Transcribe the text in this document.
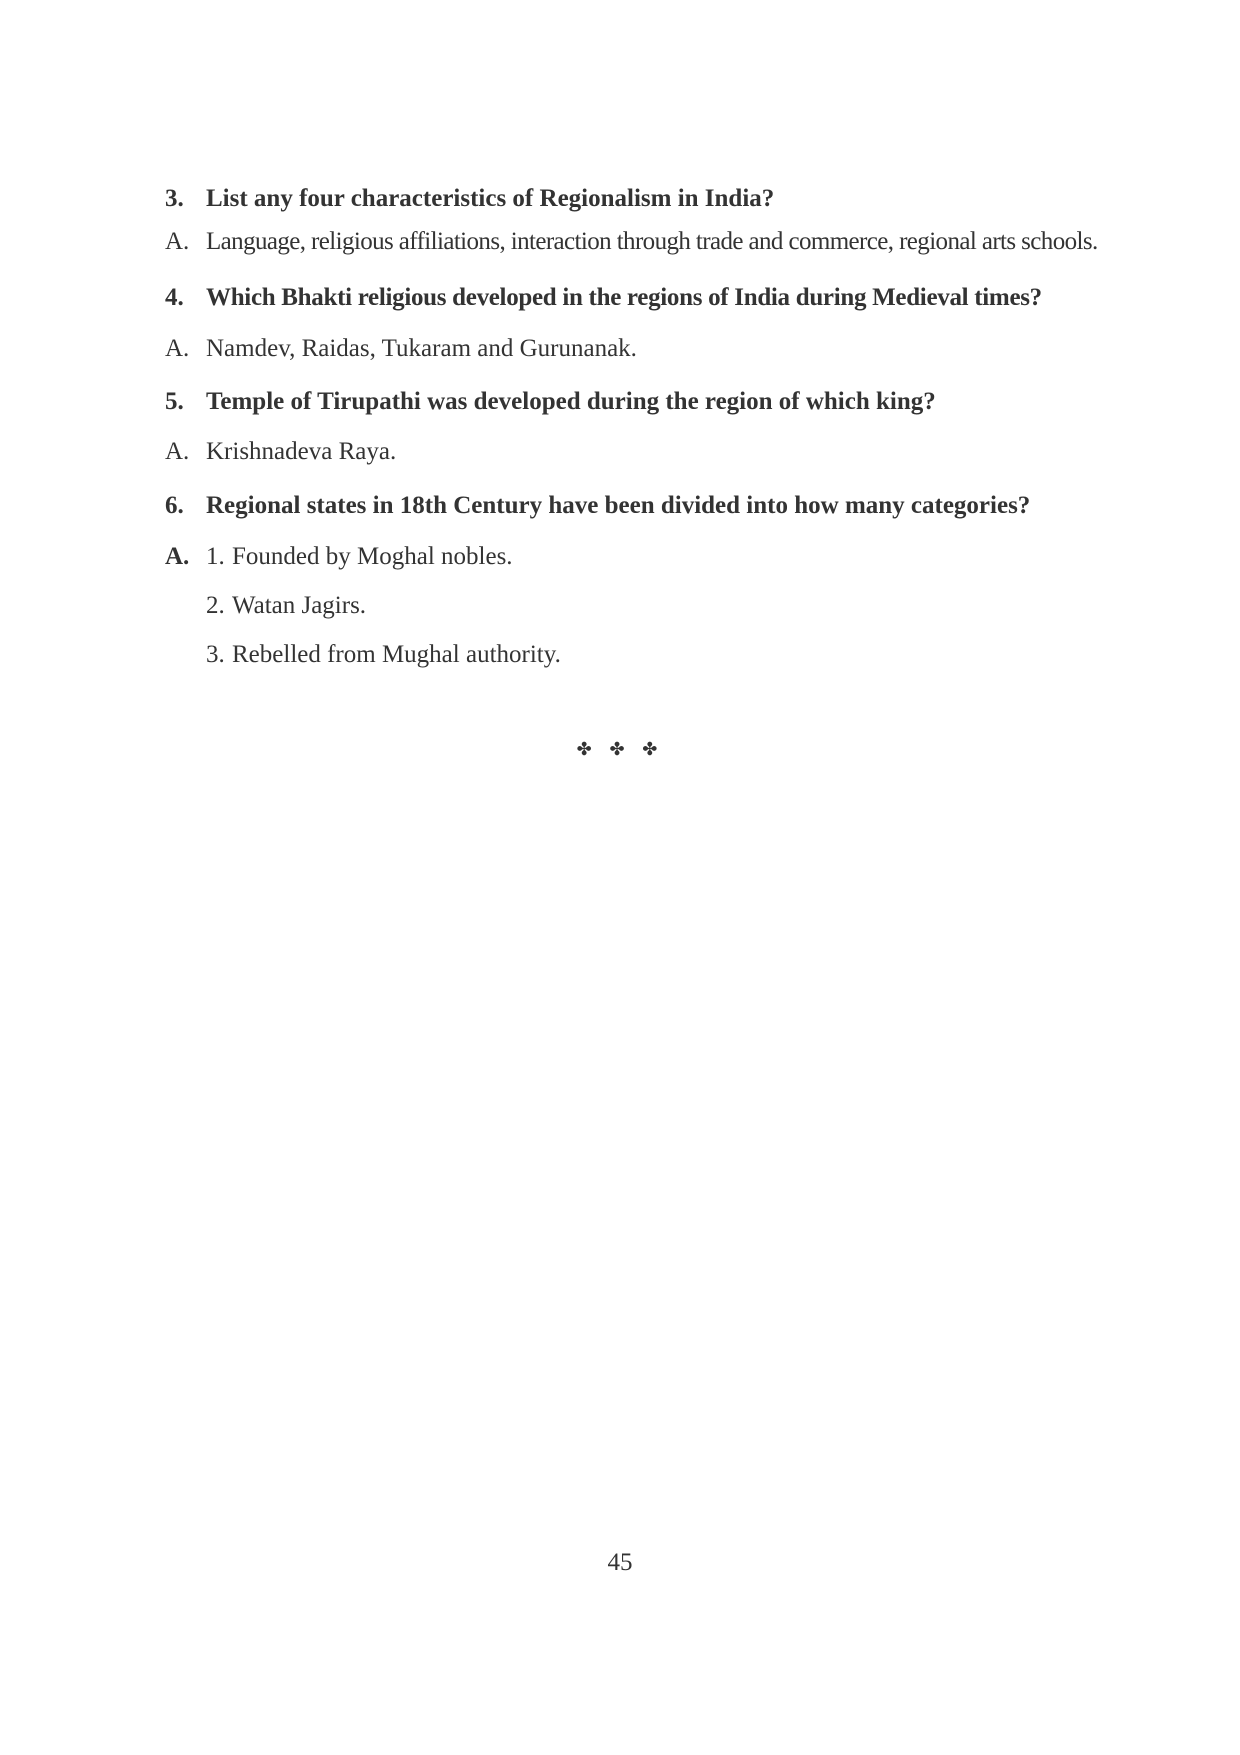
3. List any four characteristics of Regionalism in India?
A. Language, religious affiliations, interaction through trade and commerce, regional arts schools.
4. Which Bhakti religious developed in the regions of India during Medieval times?
A. Namdev, Raidas, Tukaram and Gurunanak.
5. Temple of Tirupathi was developed during the region of which king?
A. Krishnadeva Raya.
6. Regional states in 18th Century have been divided into how many categories?
A. 1. Founded by Moghal nobles.
2. Watan Jagirs.
3. Rebelled from Mughal authority.
✤ ✤ ✤
45
